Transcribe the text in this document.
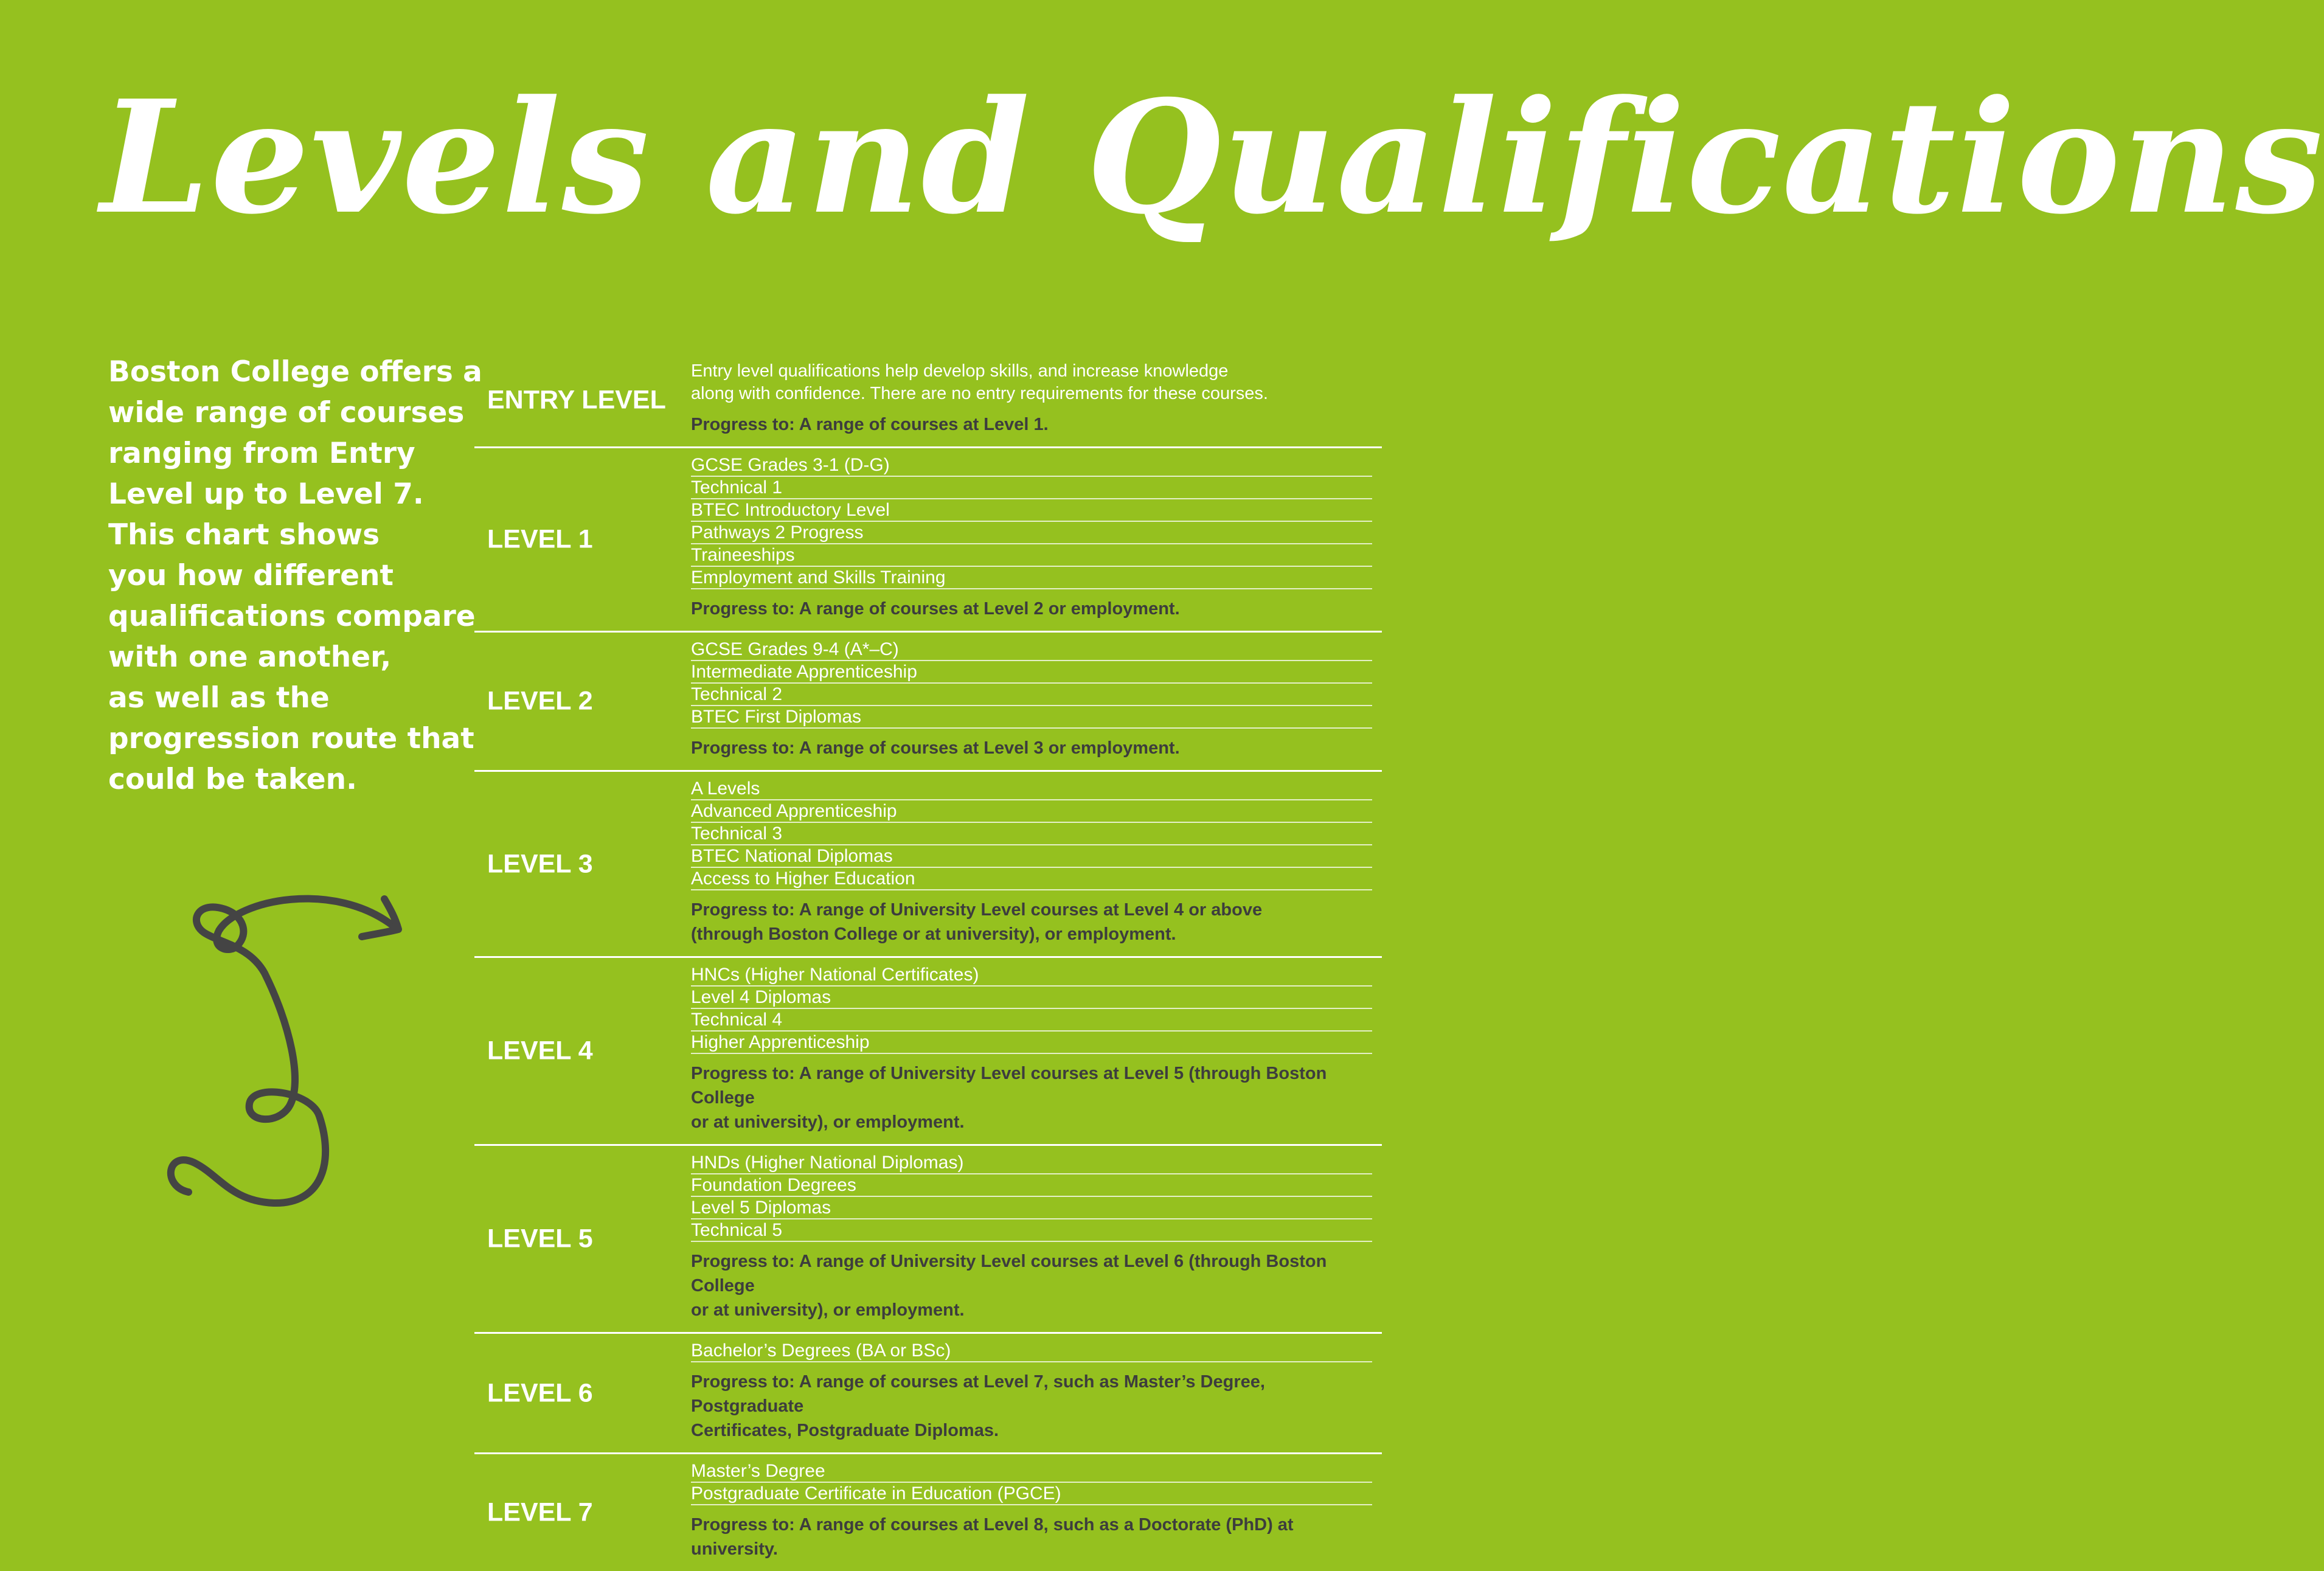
Levels and Qualifications
Boston College offers a
wide range of courses
ranging from Entry
Level up to Level 7.
This chart shows
you how different
qualifications compare
with one another,
as well as the
progression route that
could be taken.
ENTRY LEVEL
Entry level qualifications help develop skills, and increase knowledge
along with confidence. There are no entry requirements for these courses.
Progress to: A range of courses at Level 1.
LEVEL 1
GCSE Grades 3-1 (D-G)
Technical 1
BTEC Introductory Level
Pathways 2 Progress
Traineeships
Employment and Skills Training
Progress to: A range of courses at Level 2 or employment.
LEVEL 2
GCSE Grades 9-4 (A*–C)
Intermediate Apprenticeship
Technical 2
BTEC First Diplomas
Progress to: A range of courses at Level 3 or employment.
LEVEL 3
A Levels
Advanced Apprenticeship
Technical 3
BTEC National Diplomas
Access to Higher Education
Progress to: A range of University Level courses at Level 4 or above
(through Boston College or at university), or employment.
LEVEL 4
HNCs (Higher National Certificates)
Level 4 Diplomas
Technical 4
Higher Apprenticeship
Progress to: A range of University Level courses at Level 5 (through Boston College
or at university), or employment.
LEVEL 5
HNDs (Higher National Diplomas)
Foundation Degrees
Level 5 Diplomas
Technical 5
Progress to: A range of University Level courses at Level 6 (through Boston College
or at university), or employment.
LEVEL 6
Bachelor’s Degrees (BA or BSc)
Progress to: A range of courses at Level 7, such as Master’s Degree, Postgraduate
Certificates, Postgraduate Diplomas.
LEVEL 7
Master’s Degree
Postgraduate Certificate in Education (PGCE)
Progress to: A range of courses at Level 8, such as a Doctorate (PhD) at university.
